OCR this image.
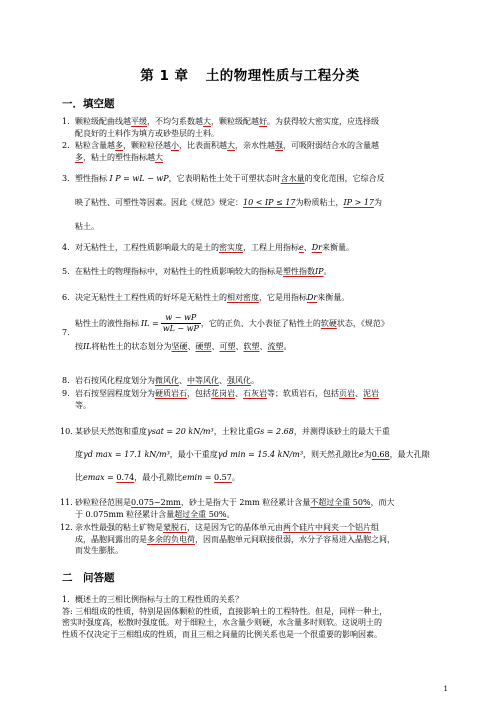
第 1 章 土的物理性质与工程分类
一．填空题
1. 颗粒级配曲线越平缓，不均匀系数越大，颗粒级配越好。为获得较大密实度，应选择级
配良好的土料作为填方或砂垫层的土料。
2. 粘粒含量越多，颗粒粒径越小，比表面积越大，亲水性越强，可吸附弱结合水的含量越
多，粘土的塑性指标越大
3. 塑性指标 I P = wL − wP，它表明粘性土处于可塑状态时含水量的变化范围，它综合反
映了粘性、可塑性等因素。因此《规范》规定：10 < IP ≤ 17为粉质粘土，IP > 17为
粘土。
4. 对无粘性土，工程性质影响最大的是土的密实度，工程上用指标e、Dr来衡量。
5. 在粘性土的物理指标中，对粘性土的性质影响较大的指标是塑性指数IP。
6. 决定无粘性土工程性质的好坏是无粘性土的相对密度，它是用指标Dr来衡量。
7.
粘性土的液性指标 IL = $\frac{w - wP}{wL - wP}$ ，它的正负、大小表征了粘性土的 软硬 状态，《规范》
按IL将粘性土的状态划分为坚硬、硬塑、可塑、软塑、流塑。
8. 岩石按风化程度划分为微风化、中等风化、强风化。
9. 岩石按坚固程度划分为硬质岩石，包括花岗岩、石灰岩等；软质岩石，包括页岩、泥岩
等。
10. 某砂层天然饱和重度γsat = 20 kN/m³，土粒比重Gs = 2.68，并测得该砂土的最大干重
度γd max = 17.1 kN/m³，最小干重度γd min = 15.4 kN/m³，则天然孔隙比e为0.68，最大孔隙
比emax = 0.74，最小孔隙比emin = 0.57。
11. 砂粒粒径范围是0.075~2mm，砂土是指大于 2mm 粒径累计含量不超过全重 50%，而大
于 0.075mm 粒径累计含量超过全重 50%。
12. 亲水性最强的粘土矿物是蒙脱石，这是因为它的晶体单元由两个硅片中间夹一个铝片组
成，晶胞间露出的是多余的负电荷，因而晶胞单元间联接很弱，水分子容易进入晶胞之间，
而发生膨胀。
二　问答题
1. 概述土的三相比例指标与土的工程性质的关系？
答: 三相组成的性质，特别是固体颗粒的性质，直接影响土的工程特性。但是，同样一种土，
密实时强度高，松散时强度低。对于细粒土，水含量少则硬，水含量多时则软。这说明土的
性质不仅决定于三相组成的性质，而且三相之间量的比例关系也是一个很重要的影响因素。
1
